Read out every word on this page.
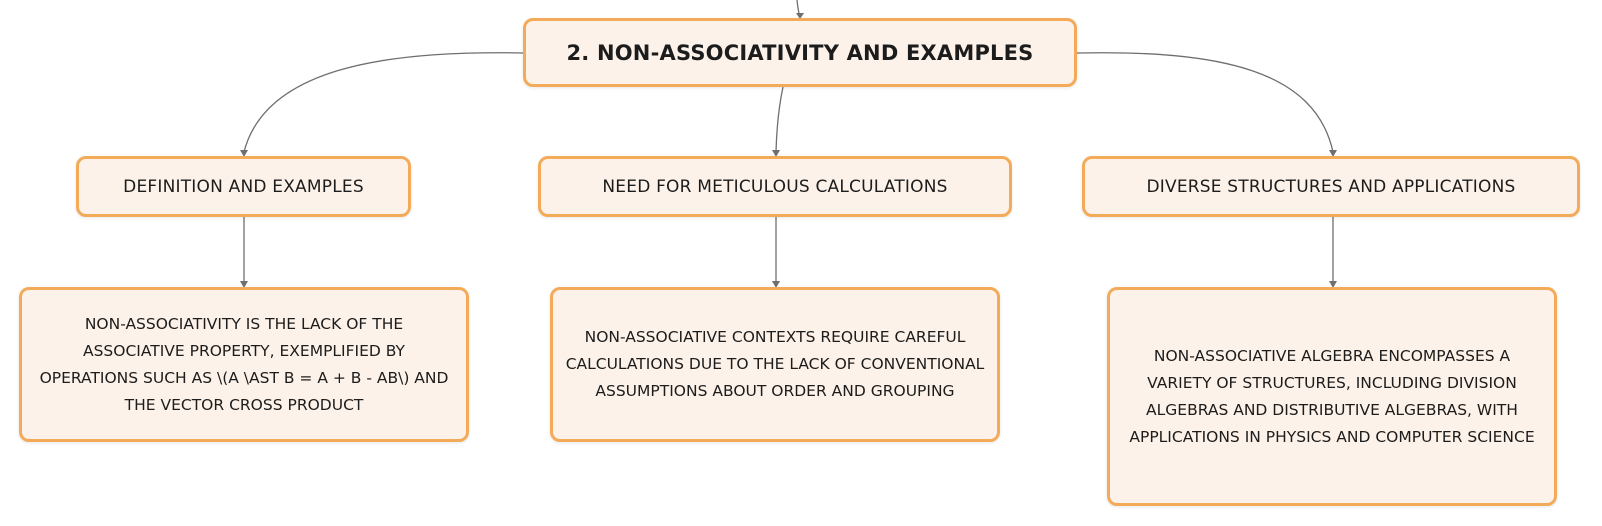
2. NON-ASSOCIATIVITY AND EXAMPLES
DEFINITION AND EXAMPLES	NEED FOR METICULOUS CALCULATIONS	DIVERSE STRUCTURES AND APPLICATIONS
NON-ASSOCIATIVITY IS THE LACK OF THE ASSOCIATIVE PROPERTY, EXEMPLIFIED BY OPERATIONS SUCH AS \(A \AST B = A + B - AB\) AND THE VECTOR CROSS PRODUCT
NON-ASSOCIATIVE CONTEXTS REQUIRE CAREFUL CALCULATIONS DUE TO THE LACK OF CONVENTIONAL ASSUMPTIONS ABOUT ORDER AND GROUPING
NON-ASSOCIATIVE ALGEBRA ENCOMPASSES A VARIETY OF STRUCTURES, INCLUDING DIVISION ALGEBRAS AND DISTRIBUTIVE ALGEBRAS, WITH APPLICATIONS IN PHYSICS AND COMPUTER SCIENCE
